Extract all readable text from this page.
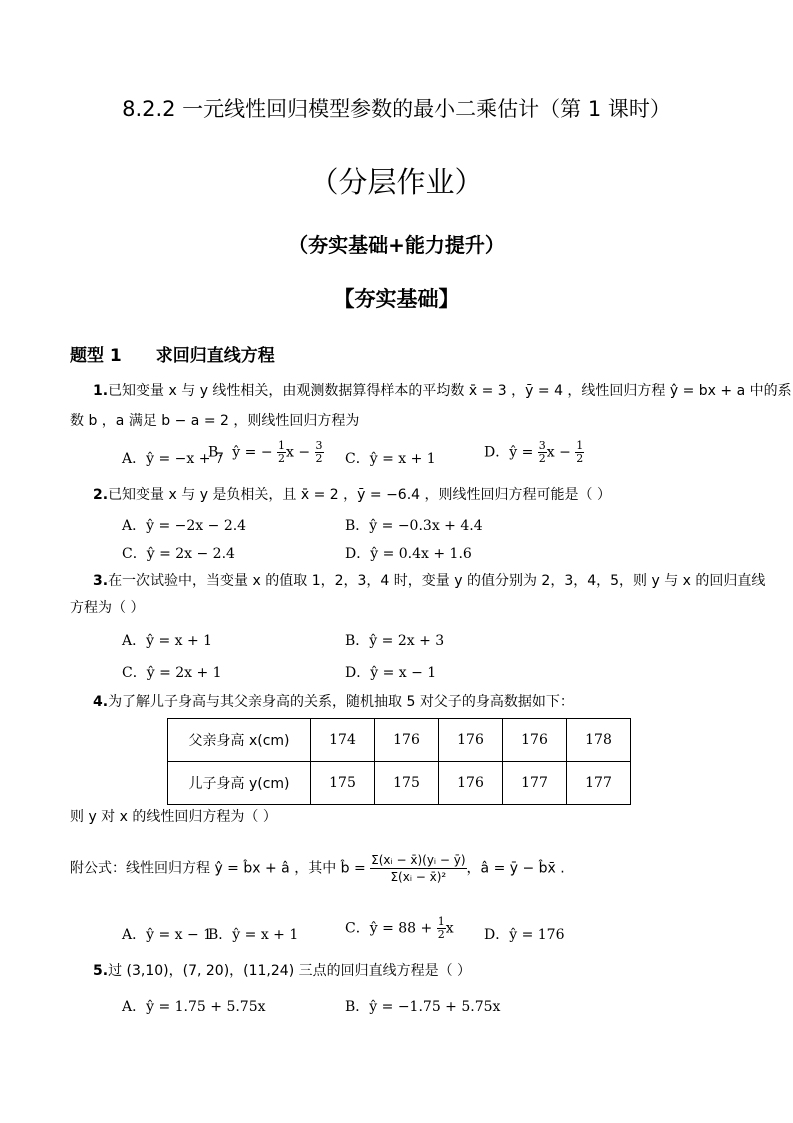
8.2.2 一元线性回归模型参数的最小二乘估计（第 1 课时）
（分层作业）
（夯实基础+能力提升）
【夯实基础】
题型 1 求回归直线方程
1.已知变量 x 与 y 线性相关，由观测数据算得样本的平均数 x̄ = 3 ，ȳ = 4 ，线性回归方程 ŷ = bx + a 中的系
数 b ，a 满足 b − a = 2 ，则线性回归方程为
A．ŷ = −x + 7
B．ŷ = − $\frac{1}{2}$ $x - \frac{3}{2}$ C．ŷ = x + 1	D．ŷ = $\frac{3}{2}$ $x - \frac{1}{2}$
2.已知变量 x 与 y 是负相关，且 x̄ = 2 ，ȳ = −6.4 ，则线性回归方程可能是（ ）
A．ŷ = −2x − 2.4	B．ŷ = −0.3x + 4.4
C．ŷ = 2x − 2.4	D．ŷ = 0.4x + 1.6
3.在一次试验中，当变量 x 的值取 1，2，3，4 时，变量 y 的值分别为 2，3，4，5，则 y 与 x 的回归直线
方程为（ ）
A．ŷ = x + 1	B．ŷ = 2x + 3
C．ŷ = 2x + 1	D．ŷ = x − 1
4.为了解儿子身高与其父亲身高的关系，随机抽取 5 对父子的身高数据如下：
父亲身高 x(cm)	174	176	176	176	178
儿子身高 y(cm)	175	175	176	177	177
则 y 对 x 的线性回归方程为（ ）
附公式：线性回归方程 ŷ = b̂x + â ，其中 b̂ = $\frac{\text{Σ(xᵢ − x̄)(yᵢ − ȳ)}}{\text{Σ(xᵢ − x̄)²}}$ ，â = ȳ − b̂x̄ .
A．ŷ = x − 1
B．ŷ = x + 1	C．ŷ = $88 + \frac{1}{2}$ x D．ŷ = 176
5.过 (3,10)，(7, 20)，(11,24) 三点的回归直线方程是（ ）
A．ŷ = 1.75 + 5.75x	B．ŷ = −1.75 + 5.75x
